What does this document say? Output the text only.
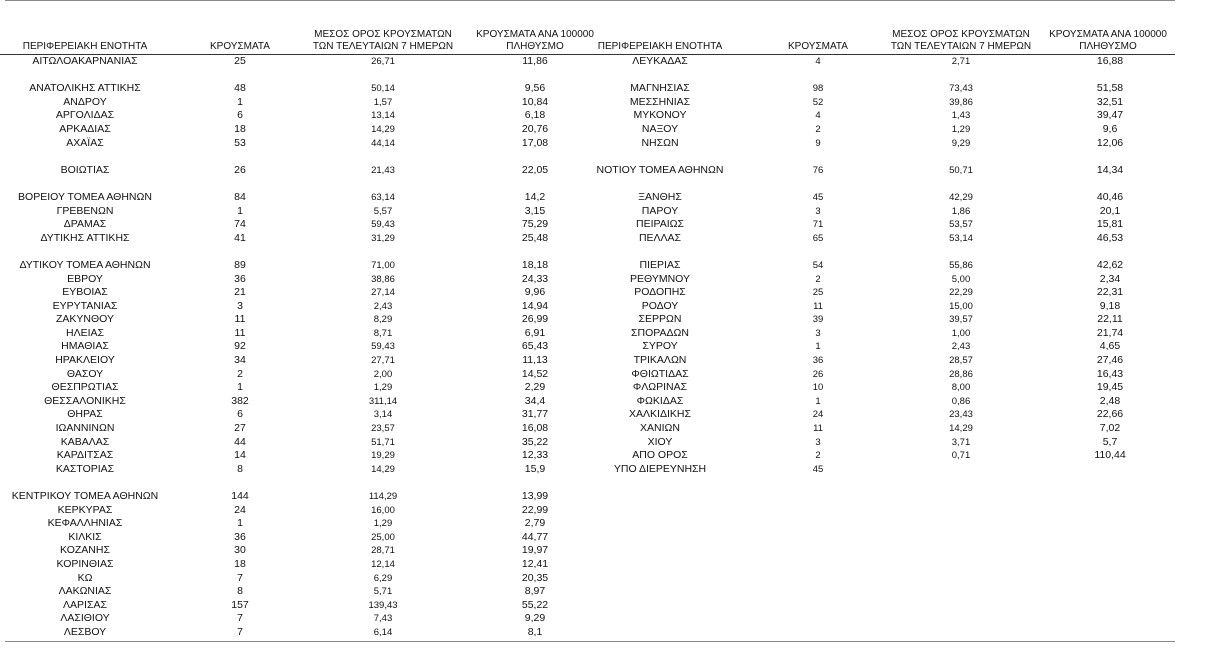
ΠΕΡΙΦΕΡΕΙΑΚΗ ΕΝΟΤΗΤΑ	ΚΡΟΥΣΜΑΤΑ
ΜΕΣΟΣ ΟΡΟΣ ΚΡΟΥΣΜΑΤΩΝ
ΤΩΝ ΤΕΛΕΥΤΑΙΩΝ 7 ΗΜΕΡΩΝ
ΚΡΟΥΣΜΑΤΑ ΑΝΑ 100000
ΠΛΗΘΥΣΜΟ
ΑΙΤΩΛΟΑΚΑΡΝΑΝΙΑΣ	25	26,71	11,86
ΑΝΑΤΟΛΙΚΗΣ ΑΤΤΙΚΗΣ	48	50,14	9,56
ΑΝΔΡΟΥ	1	1,57	10,84
ΑΡΓΟΛΙΔΑΣ	6	13,14	6,18
ΑΡΚΑΔΙΑΣ	18	14,29	20,76
ΑΧΑΪΑΣ	53	44,14	17,08
ΒΟΙΩΤΙΑΣ	26	21,43	22,05
ΒΟΡΕΙΟΥ ΤΟΜΕΑ ΑΘΗΝΩΝ	84	63,14	14,2
ΓΡΕΒΕΝΩΝ	1	5,57	3,15
ΔΡΑΜΑΣ	74	59,43	75,29
ΔΥΤΙΚΗΣ ΑΤΤΙΚΗΣ	41	31,29	25,48
ΔΥΤΙΚΟΥ ΤΟΜΕΑ ΑΘΗΝΩΝ	89	71,00	18,18
ΕΒΡΟΥ	36	38,86	24,33
ΕΥΒΟΙΑΣ	21	27,14	9,96
ΕΥΡΥΤΑΝΙΑΣ	3	2,43	14,94
ΖΑΚΥΝΘΟΥ	11	8,29	26,99
ΗΛΕΙΑΣ	11	8,71	6,91
ΗΜΑΘΙΑΣ	92	59,43	65,43
ΗΡΑΚΛΕΙΟΥ	34	27,71	11,13
ΘΑΣΟΥ	2	2,00	14,52
ΘΕΣΠΡΩΤΙΑΣ	1	1,29	2,29
ΘΕΣΣΑΛΟΝΙΚΗΣ	382	311,14	34,4
ΘΗΡΑΣ	6	3,14	31,77
ΙΩΑΝΝΙΝΩΝ	27	23,57	16,08
ΚΑΒΑΛΑΣ	44	51,71	35,22
ΚΑΡΔΙΤΣΑΣ	14	19,29	12,33
ΚΑΣΤΟΡΙΑΣ	8	14,29	15,9
ΚΕΝΤΡΙΚΟΥ ΤΟΜΕΑ ΑΘΗΝΩΝ	144	114,29	13,99
ΚΕΡΚΥΡΑΣ	24	16,00	22,99
ΚΕΦΑΛΛΗΝΙΑΣ	1	1,29	2,79
ΚΙΛΚΙΣ	36	25,00	44,77
ΚΟΖΑΝΗΣ	30	28,71	19,97
ΚΟΡΙΝΘΙΑΣ	18	12,14	12,41
ΚΩ	7	6,29	20,35
ΛΑΚΩΝΙΑΣ	8	5,71	8,97
ΛΑΡΙΣΑΣ	157	139,43	55,22
ΛΑΣΙΘΙΟΥ	7	7,43	9,29
ΛΕΣΒΟΥ	7	6,14	8,1
ΠΕΡΙΦΕΡΕΙΑΚΗ ΕΝΟΤΗΤΑ	ΚΡΟΥΣΜΑΤΑ
ΜΕΣΟΣ ΟΡΟΣ ΚΡΟΥΣΜΑΤΩΝ
ΤΩΝ ΤΕΛΕΥΤΑΙΩΝ 7 ΗΜΕΡΩΝ
ΚΡΟΥΣΜΑΤΑ ΑΝΑ 100000
ΠΛΗΘΥΣΜΟ
ΛΕΥΚΑΔΑΣ	4	2,71	16,88
ΜΑΓΝΗΣΙΑΣ	98	73,43	51,58
ΜΕΣΣΗΝΙΑΣ	52	39,86	32,51
ΜΥΚΟΝΟΥ	4	1,43	39,47
ΝΑΞΟΥ	2	1,29	9,6
ΝΗΣΩΝ	9	9,29	12,06
ΝΟΤΙΟΥ ΤΟΜΕΑ ΑΘΗΝΩΝ	76	50,71	14,34
ΞΑΝΘΗΣ	45	42,29	40,46
ΠΑΡΟΥ	3	1,86	20,1
ΠΕΙΡΑΙΩΣ	71	53,57	15,81
ΠΕΛΛΑΣ	65	53,14	46,53
ΠΙΕΡΙΑΣ	54	55,86	42,62
ΡΕΘΥΜΝΟΥ	2	5,00	2,34
ΡΟΔΟΠΗΣ	25	22,29	22,31
ΡΟΔΟΥ	11	15,00	9,18
ΣΕΡΡΩΝ	39	39,57	22,11
ΣΠΟΡΑΔΩΝ	3	1,00	21,74
ΣΥΡΟΥ	1	2,43	4,65
ΤΡΙΚΑΛΩΝ	36	28,57	27,46
ΦΘΙΩΤΙΔΑΣ	26	28,86	16,43
ΦΛΩΡΙΝΑΣ	10	8,00	19,45
ΦΩΚΙΔΑΣ	1	0,86	2,48
ΧΑΛΚΙΔΙΚΗΣ	24	23,43	22,66
ΧΑΝΙΩΝ	11	14,29	7,02
ΧΙΟΥ	3	3,71	5,7
ΑΠΟ ΟΡΟΣ	2	0,71	110,44
ΥΠΟ ΔΙΕΡΕΥΝΗΣΗ	45
